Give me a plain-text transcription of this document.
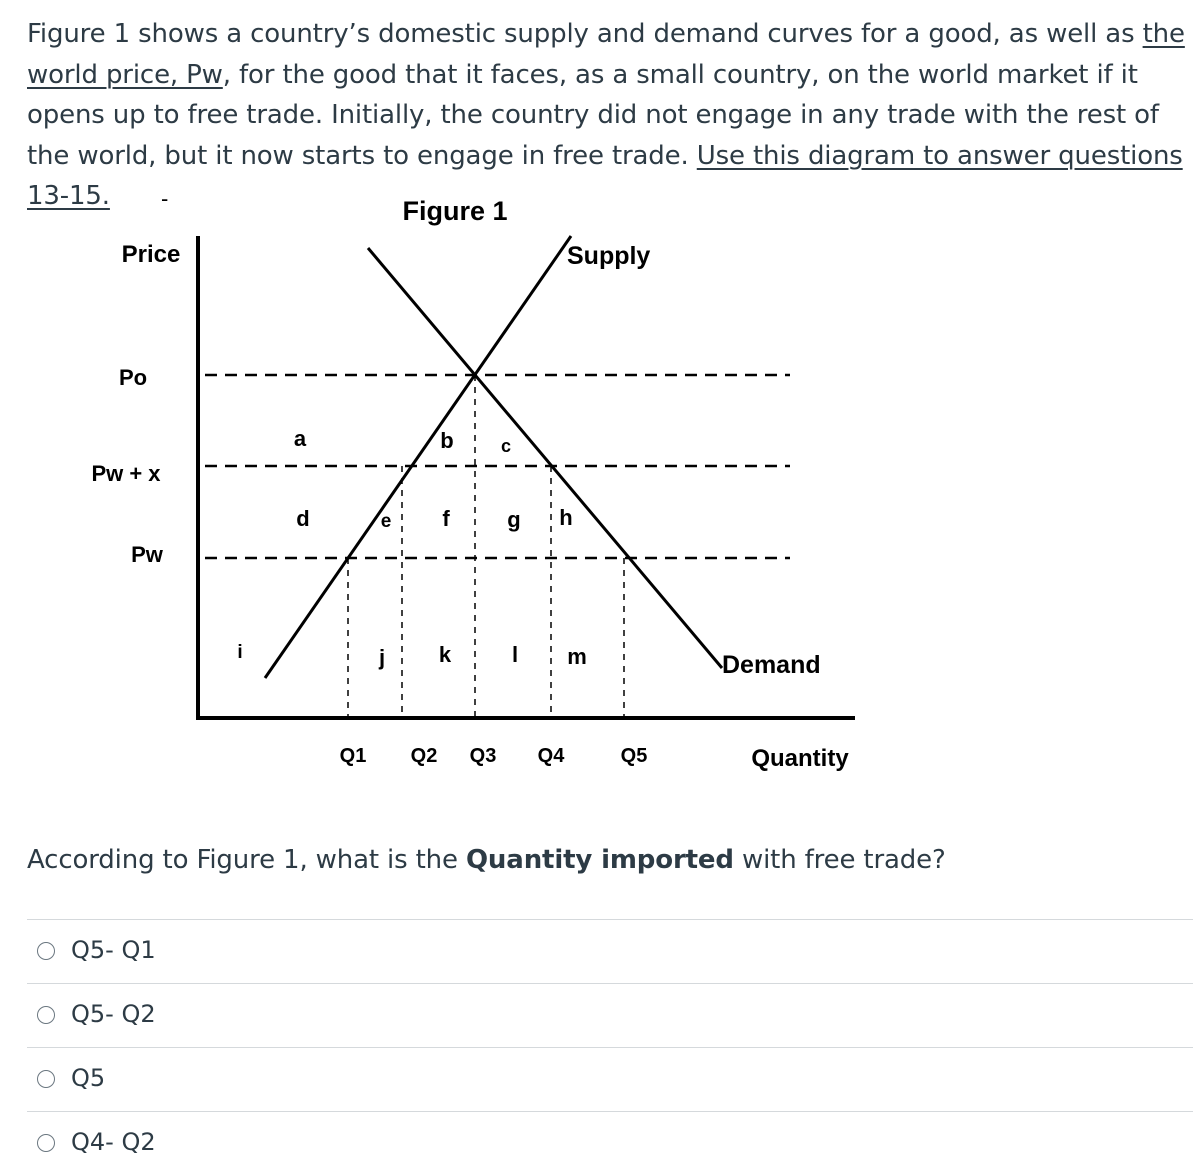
Figure 1 shows a country’s domestic supply and demand curves for a good, as well as the world price, Pw, for the good that it faces, as a small country, on the world market if it opens up to free trade. Initially, the country did not engage in any trade with the rest of the world, but it now starts to engage in free trade. Use this diagram to answer questions 13-15.	-	Figure 1
Price
Quantity
Po
Pw + x
Pw
Supply
Demand
a	b	c
d	e f	g h
i	j k	l m
Q1 Q2 Q3 Q4	Q5
According to Figure 1, what is the Quantity imported with free trade?
Q5- Q1
Q5- Q2
Q5
Q4- Q2
